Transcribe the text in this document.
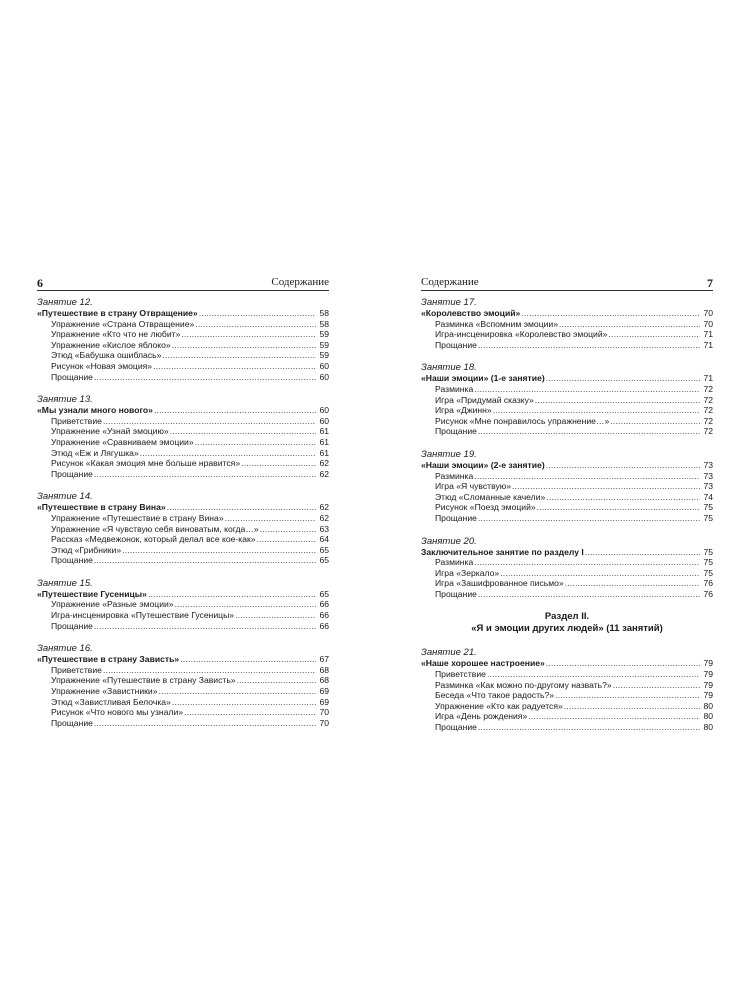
6	Содержание
Занятие 12.
«Путешествие в страну Отвращение» .....	58
Упражнение «Страна Отвращение» .....	58
Упражнение «Кто что не любит» .....	59
Упражнение «Кислое яблоко» .....	59
Этюд «Бабушка ошиблась» .....	59
Рисунок «Новая эмоция» .....	60
Прощание .....	60
Занятие 13.
«Мы узнали много нового» .....	60
Приветствие .....	60
Упражнение «Узнай эмоцию» .....	61
Упражнение «Сравниваем эмоции» .....	61
Этюд «Еж и Лягушка» .....	61
Рисунок «Какая эмоция мне больше нравится» .....	62
Прощание .....	62
Занятие 14.
«Путешествие в страну Вина» .....	62
Упражнение «Путешествие в страну Вина» .....	62
Упражнение «Я чувствую себя виноватым, когда…» .....	63
Рассказ «Медвежонок, который делал все кое-как» .....	64
Этюд «Грибники» .....	65
Прощание .....	65
Занятие 15.
«Путешествие Гусеницы» .....	65
Упражнение «Разные эмоции» .....	66
Игра-инсценировка «Путешествие Гусеницы» .....	66
Прощание .....	66
Занятие 16.
«Путешествие в страну Зависть» .....	67
Приветствие .....	68
Упражнение «Путешествие в страну Зависть» .....	68
Упражнение «Завистники» .....	69
Этюд «Завистливая Белочка» .....	69
Рисунок «Что нового мы узнали» .....	70
Прощание .....	70
Содержание	7
Занятие 17.
«Королевство эмоций» .....	70
Разминка «Вспомним эмоции» .....	70
Игра-инсценировка «Королевство эмоций» .....	71
Прощание .....	71
Занятие 18.
«Наши эмоции» (1-е занятие) .....	71
Разминка .....	72
Игра «Придумай сказку» .....	72
Игра «Джинн» .....	72
Рисунок «Мне понравилось упражнение…» .....	72
Прощание .....	72
Занятие 19.
«Наши эмоции» (2-е занятие) .....	73
Разминка .....	73
Игра «Я чувствую» .....	73
Этюд «Сломанные качели» .....	74
Рисунок «Поезд эмоций» .....	75
Прощание .....	75
Занятие 20.
Заключительное занятие по разделу I .....	75
Разминка .....	75
Игра «Зеркало» .....	75
Игра «Зашифрованное письмо» .....	76
Прощание .....	76
Раздел II.
«Я и эмоции других людей» (11 занятий)
Занятие 21.
«Наше хорошее настроение» .....	79
Приветствие .....	79
Разминка «Как можно по-другому назвать?» .....	79
Беседа «Что такое радость?» .....	79
Упражнение «Кто как радуется» .....	80
Игра «День рождения» .....	80
Прощание .....	80
